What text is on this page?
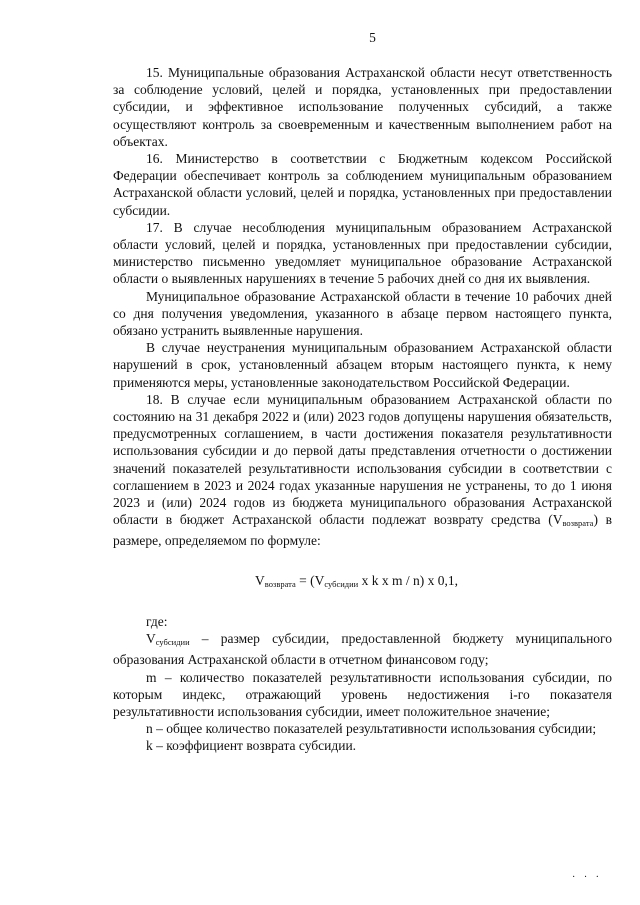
5

15. Муниципальные образования Астраханской области несут ответственность за соблюдение условий, целей и порядка, установленных при предоставлении субсидии, и эффективное использование полученных субсидий, а также осуществляют контроль за своевременным и качественным выполнением работ на объектах.

16. Министерство в соответствии с Бюджетным кодексом Российской Федерации обеспечивает контроль за соблюдением муниципальным образованием Астраханской области условий, целей и порядка, установленных при предоставлении субсидии.

17. В случае несоблюдения муниципальным образованием Астраханской области условий, целей и порядка, установленных при предоставлении субсидии, министерство письменно уведомляет муниципальное образование Астраханской области о выявленных нарушениях в течение 5 рабочих дней со дня их выявления.

Муниципальное образование Астраханской области в течение 10 рабочих дней со дня получения уведомления, указанного в абзаце первом настоящего пункта, обязано устранить выявленные нарушения.

В случае неустранения муниципальным образованием Астраханской области нарушений в срок, установленный абзацем вторым настоящего пункта, к нему применяются меры, установленные законодательством Российской Федерации.

18. В случае если муниципальным образованием Астраханской области по состоянию на 31 декабря 2022 и (или) 2023 годов допущены нарушения обязательств, предусмотренных соглашением, в части достижения показателя результативности использования субсидии и до первой даты представления отчетности о достижении значений показателей результативности использования субсидии в соответствии с соглашением в 2023 и 2024 годах указанные нарушения не устранены, то до 1 июня 2023 и (или) 2024 годов из бюджета муниципального образования Астраханской области в бюджет Астраханской области подлежат возврату средства $(V_{возврата})$ в размере, определяемом по формуле:

$V_{возврата} = (V_{субсидии}$ x k x m / n) x 0,1,

где:

$V_{субсидии}$ – размер субсидии, предоставленной бюджету муниципального образования Астраханской области в отчетном финансовом году;

m – количество показателей результативности использования субсидии, по которым индекс, отражающий уровень недостижения i-го показателя результативности использования субсидии, имеет положительное значение;

n – общее количество показателей результативности использования субсидии;

k – коэффициент возврата субсидии.

· · ·
